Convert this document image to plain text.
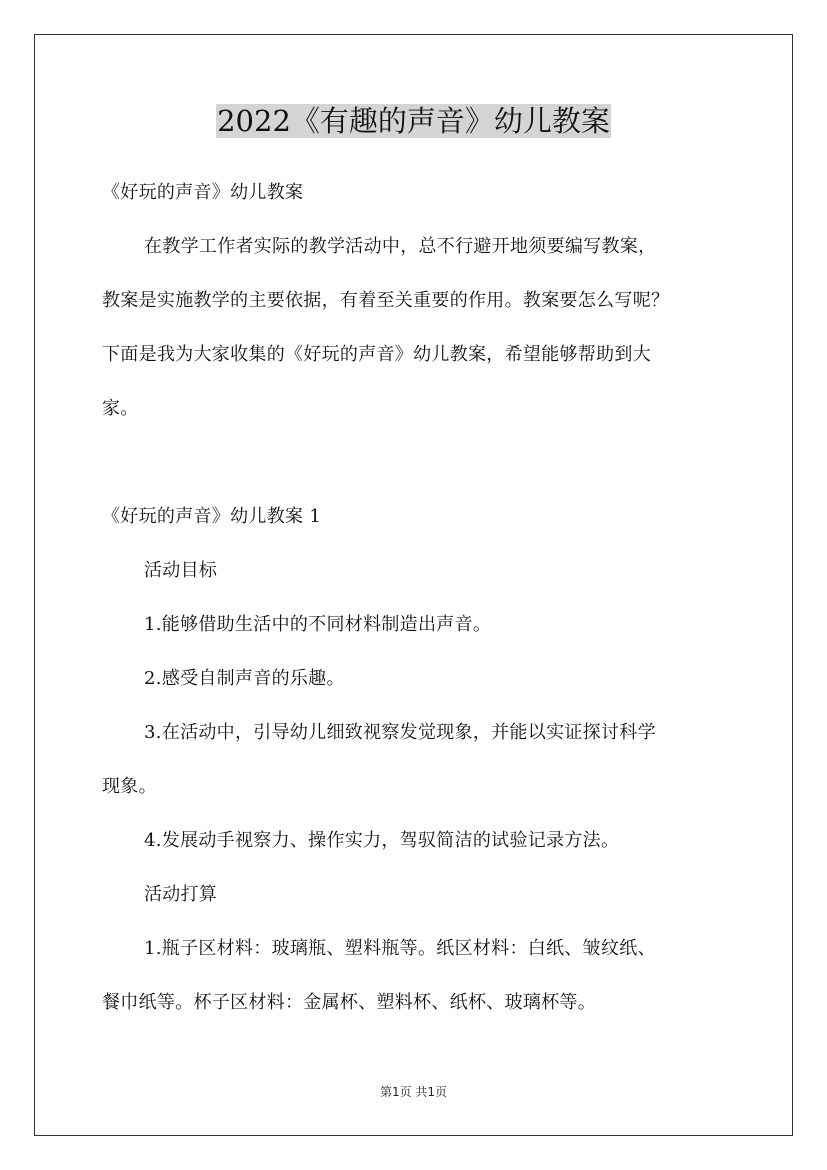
2022《有趣的声音》幼儿教案
《好玩的声音》幼儿教案
在教学工作者实际的教学活动中，总不行避开地须要编写教案，
教案是实施教学的主要依据，有着至关重要的作用。教案要怎么写呢？
下面是我为大家收集的《好玩的声音》幼儿教案，希望能够帮助到大
家。
《好玩的声音》幼儿教案 1
活动目标
1.能够借助生活中的不同材料制造出声音。
2.感受自制声音的乐趣。
3.在活动中，引导幼儿细致视察发觉现象，并能以实证探讨科学
现象。
4.发展动手视察力、操作实力，驾驭简洁的试验记录方法。
活动打算
1.瓶子区材料：玻璃瓶、塑料瓶等。纸区材料：白纸、皱纹纸、
餐巾纸等。杯子区材料：金属杯、塑料杯、纸杯、玻璃杯等。
第1页 共1页
